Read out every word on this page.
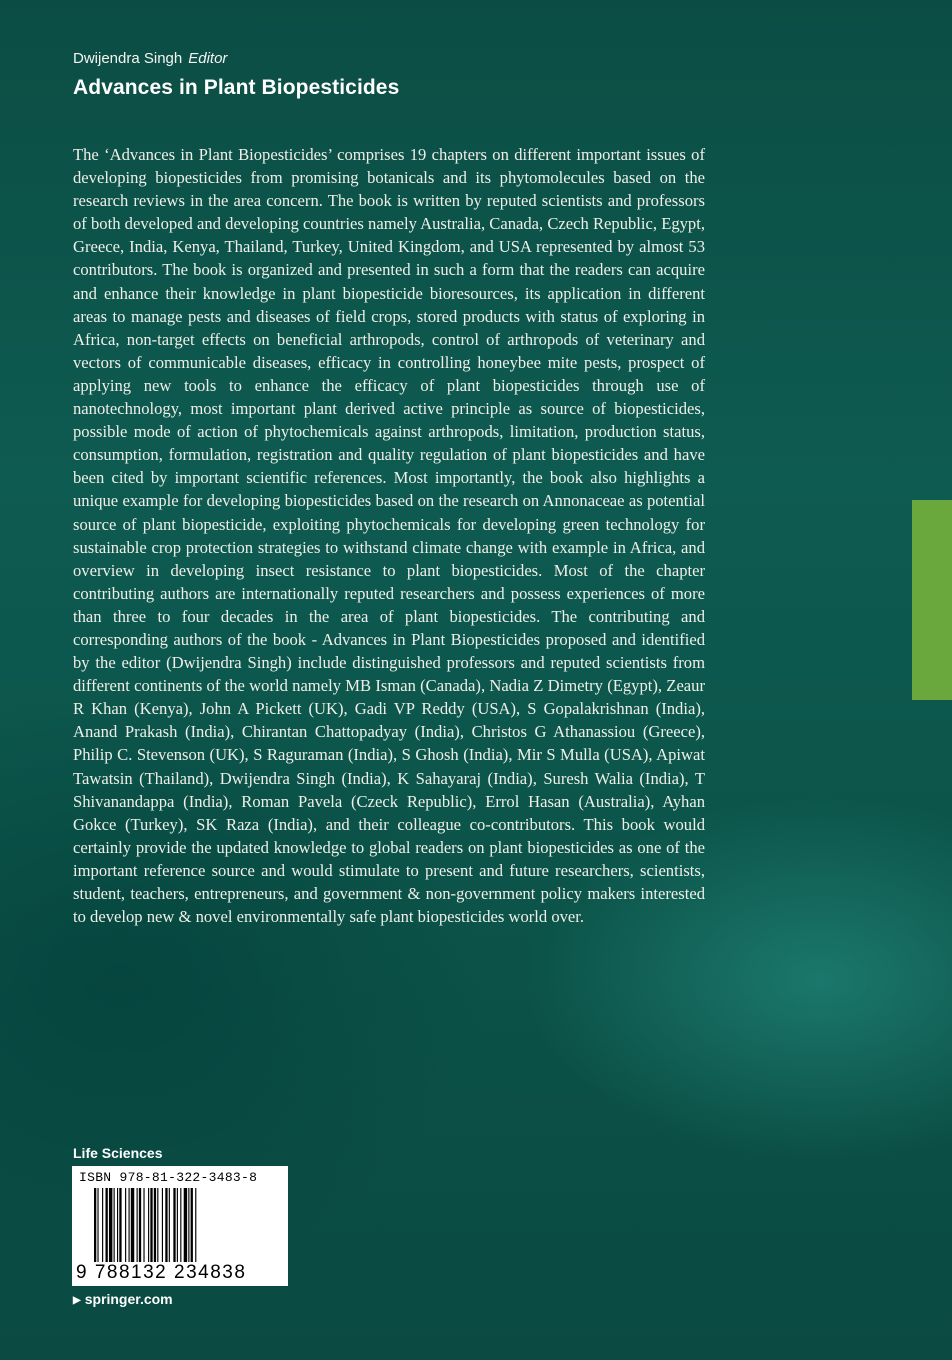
Dwijendra Singh Editor
Advances in Plant Biopesticides

The ‘Advances in Plant Biopesticides’ comprises 19 chapters on different important issues of developing biopesticides from promising botanicals and its phytomolecules based on the research reviews in the area concern. The book is written by reputed scientists and professors of both developed and developing countries namely Australia, Canada, Czech Republic, Egypt, Greece, India, Kenya, Thailand, Turkey, United Kingdom, and USA represented by almost 53 contributors. The book is organized and presented in such a form that the readers can acquire and enhance their knowledge in plant biopesticide bioresources, its application in different areas to manage pests and diseases of field crops, stored products with status of exploring in Africa, non-target effects on beneficial arthropods, control of arthropods of veterinary and vectors of communicable diseases, efficacy in controlling honeybee mite pests, prospect of applying new tools to enhance the efficacy of plant biopesticides through use of nanotechnology, most important plant derived active principle as source of biopesticides, possible mode of action of phytochemicals against arthropods, limitation, production status, consumption, formulation, registration and quality regulation of plant biopesticides and have been cited by important scientific references. Most importantly, the book also highlights a unique example for developing biopesticides based on the research on Annonaceae as potential source of plant biopesticide, exploiting phytochemicals for developing green technology for sustainable crop protection strategies to withstand climate change with example in Africa, and overview in developing insect resistance to plant biopesticides. Most of the chapter contributing authors are internationally reputed researchers and possess experiences of more than three to four decades in the area of plant biopesticides. The contributing and corresponding authors of the book - Advances in Plant Biopesticides proposed and identified by the editor (Dwijendra Singh) include distinguished professors and reputed scientists from different continents of the world namely MB Isman (Canada), Nadia Z Dimetry (Egypt), Zeaur R Khan (Kenya), John A Pickett (UK), Gadi VP Reddy (USA), S Gopalakrishnan (India), Anand Prakash (India), Chirantan Chattopadyay (India), Christos G Athanassiou (Greece), Philip C. Stevenson (UK), S Raguraman (India), S Ghosh (India), Mir S Mulla (USA), Apiwat Tawatsin (Thailand), Dwijendra Singh (India), K Sahayaraj (India), Suresh Walia (India), T Shivanandappa (India), Roman Pavela (Czeck Republic), Errol Hasan (Australia), Ayhan Gokce (Turkey), SK Raza (India), and their colleague co-contributors. This book would certainly provide the updated knowledge to global readers on plant biopesticides as one of the important reference source and would stimulate to present and future researchers, scientists, student, teachers, entrepreneurs, and government & non-government policy makers interested to develop new & novel environmentally safe plant biopesticides world over.

Life Sciences
ISBN 978-81-322-3483-8
9 788132 234838
▶ springer.com
